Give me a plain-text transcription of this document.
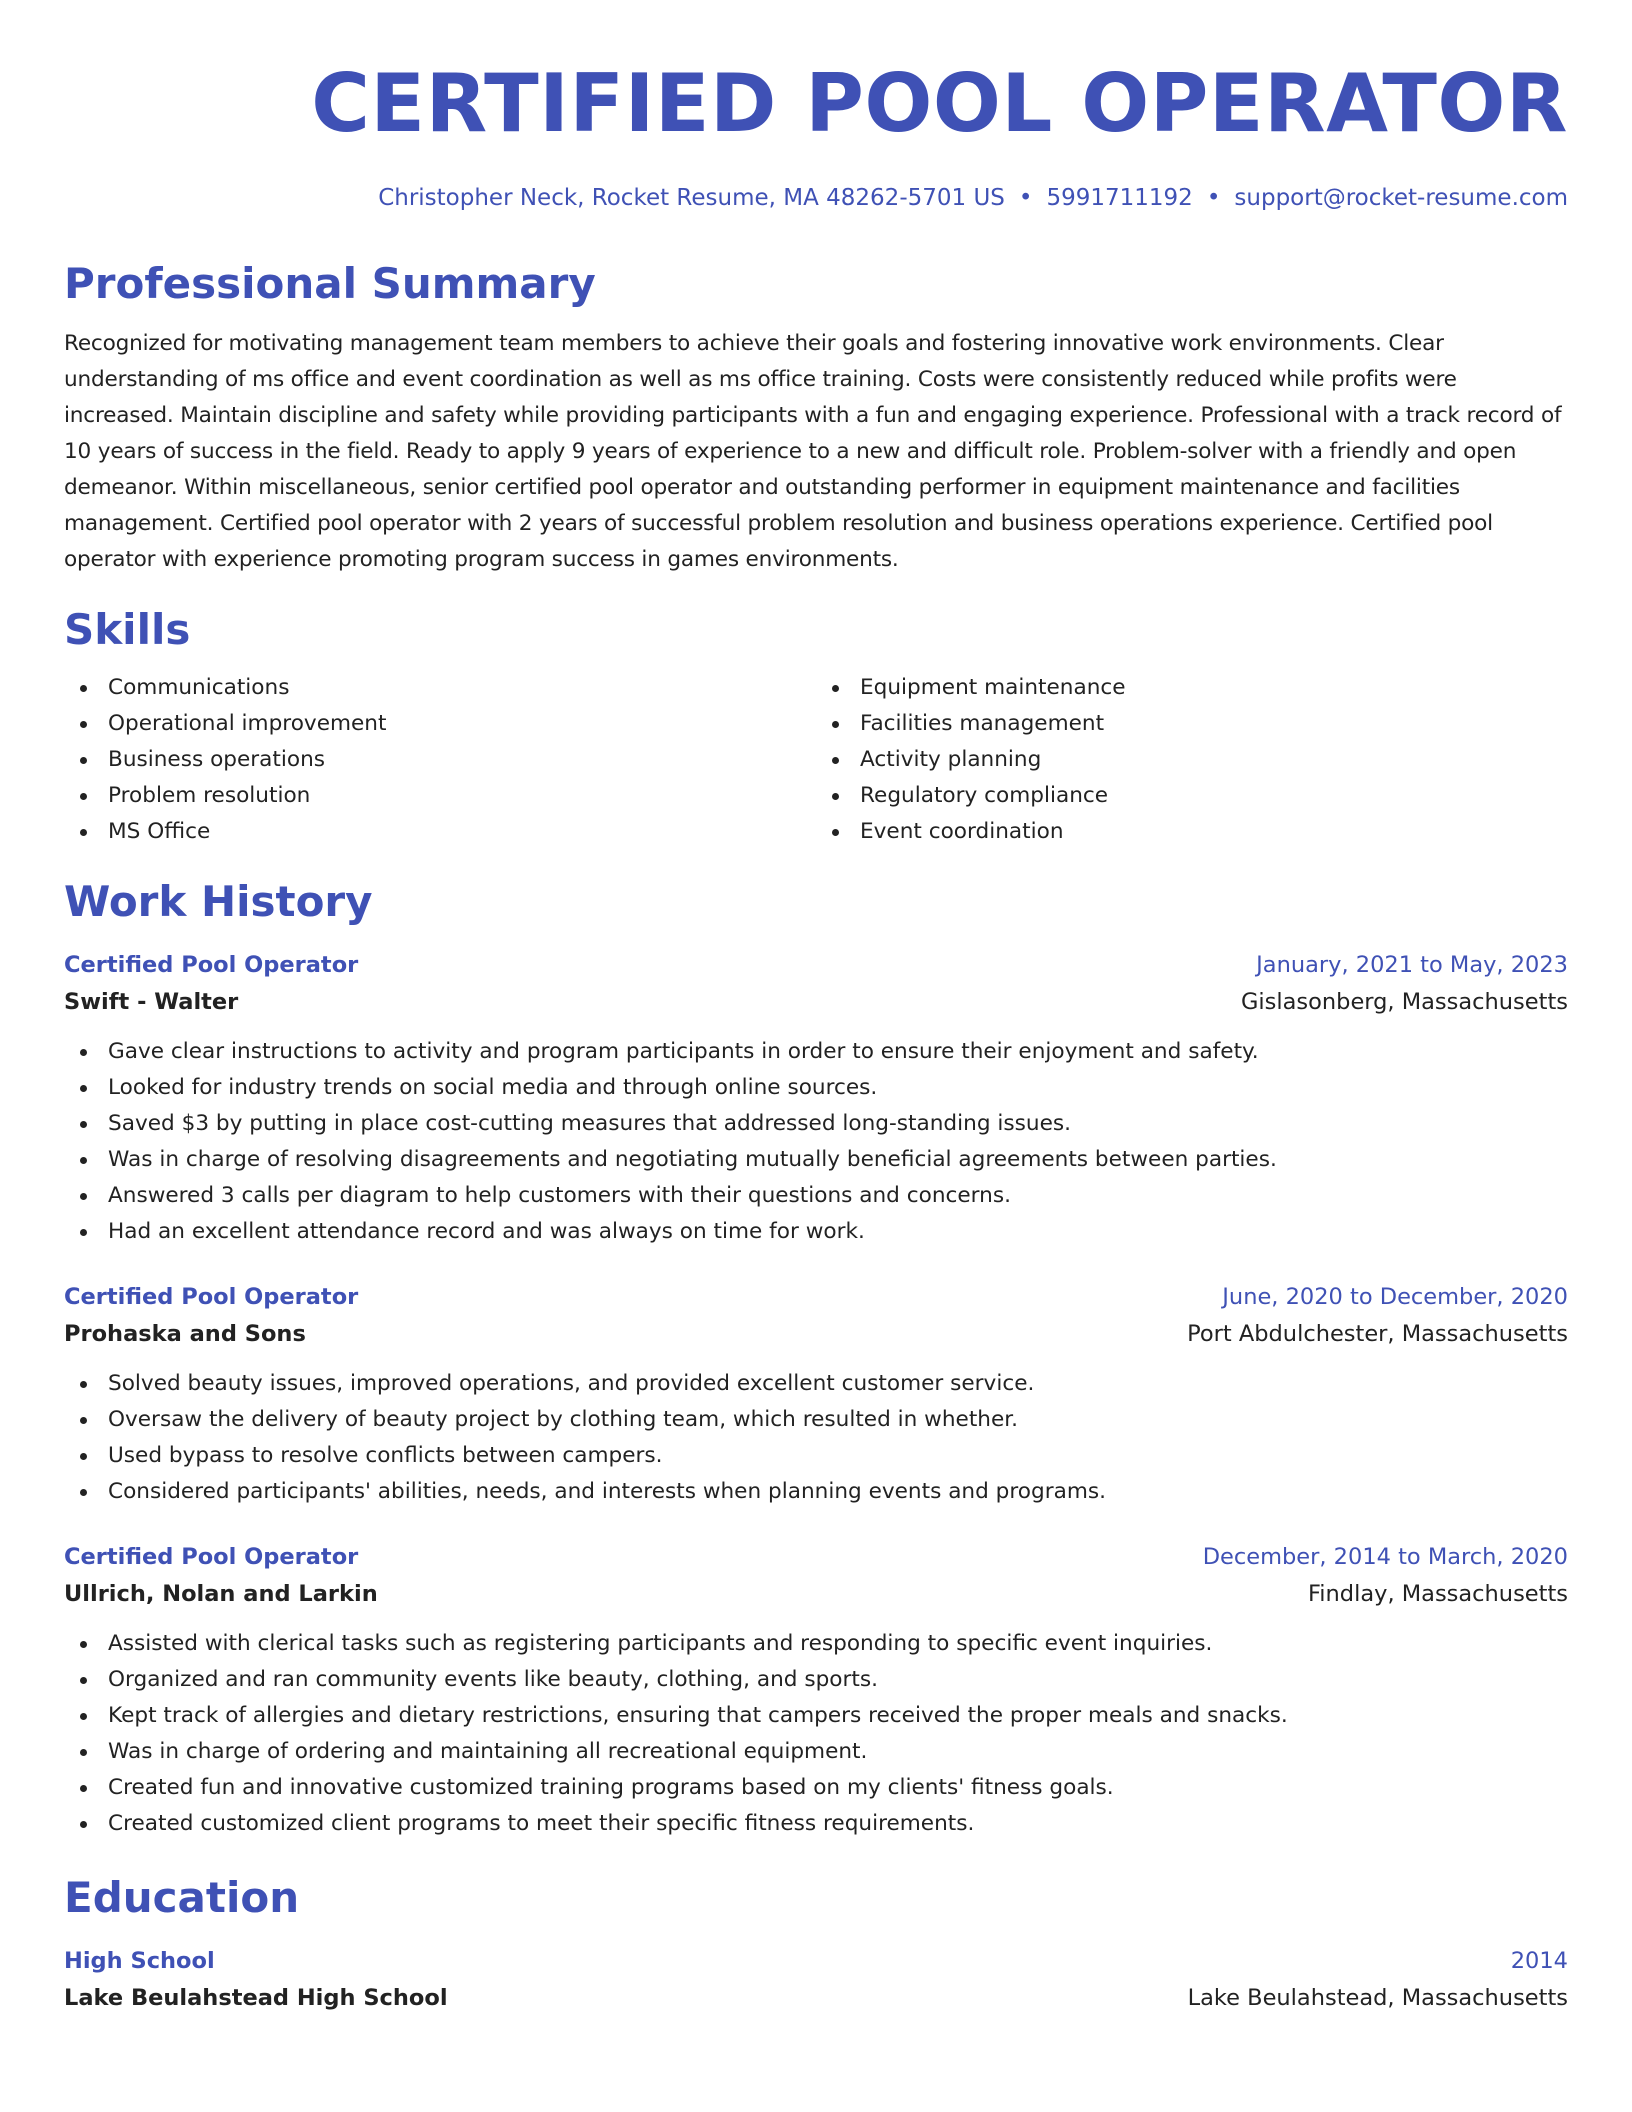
CERTIFIED POOL OPERATOR
Christopher Neck, Rocket Resume, MA 48262-5701 US • 5991711192 • support@rocket-resume.com
Professional Summary
Recognized for motivating management team members to achieve their goals and fostering innovative work environments. Clear understanding of ms office and event coordination as well as ms office training. Costs were consistently reduced while profits were increased. Maintain discipline and safety while providing participants with a fun and engaging experience. Professional with a track record of 10 years of success in the field. Ready to apply 9 years of experience to a new and difficult role. Problem-solver with a friendly and open demeanor. Within miscellaneous, senior certified pool operator and outstanding performer in equipment maintenance and facilities management. Certified pool operator with 2 years of successful problem resolution and business operations experience. Certified pool operator with experience promoting program success in games environments.
Skills
Communications
Operational improvement
Business operations
Problem resolution
MS Office
Equipment maintenance
Facilities management
Activity planning
Regulatory compliance
Event coordination
Work History
Certified Pool Operator	January, 2021 to May, 2023
Swift - Walter	Gislasonberg, Massachusetts
Gave clear instructions to activity and program participants in order to ensure their enjoyment and safety.
Looked for industry trends on social media and through online sources.
Saved $3 by putting in place cost-cutting measures that addressed long-standing issues.
Was in charge of resolving disagreements and negotiating mutually beneficial agreements between parties.
Answered 3 calls per diagram to help customers with their questions and concerns.
Had an excellent attendance record and was always on time for work.
Certified Pool Operator	June, 2020 to December, 2020
Prohaska and Sons	Port Abdulchester, Massachusetts
Solved beauty issues, improved operations, and provided excellent customer service.
Oversaw the delivery of beauty project by clothing team, which resulted in whether.
Used bypass to resolve conflicts between campers.
Considered participants' abilities, needs, and interests when planning events and programs.
Certified Pool Operator	December, 2014 to March, 2020
Ullrich, Nolan and Larkin	Findlay, Massachusetts
Assisted with clerical tasks such as registering participants and responding to specific event inquiries.
Organized and ran community events like beauty, clothing, and sports.
Kept track of allergies and dietary restrictions, ensuring that campers received the proper meals and snacks.
Was in charge of ordering and maintaining all recreational equipment.
Created fun and innovative customized training programs based on my clients' fitness goals.
Created customized client programs to meet their specific fitness requirements.
Education
High School	2014
Lake Beulahstead High School	Lake Beulahstead, Massachusetts
